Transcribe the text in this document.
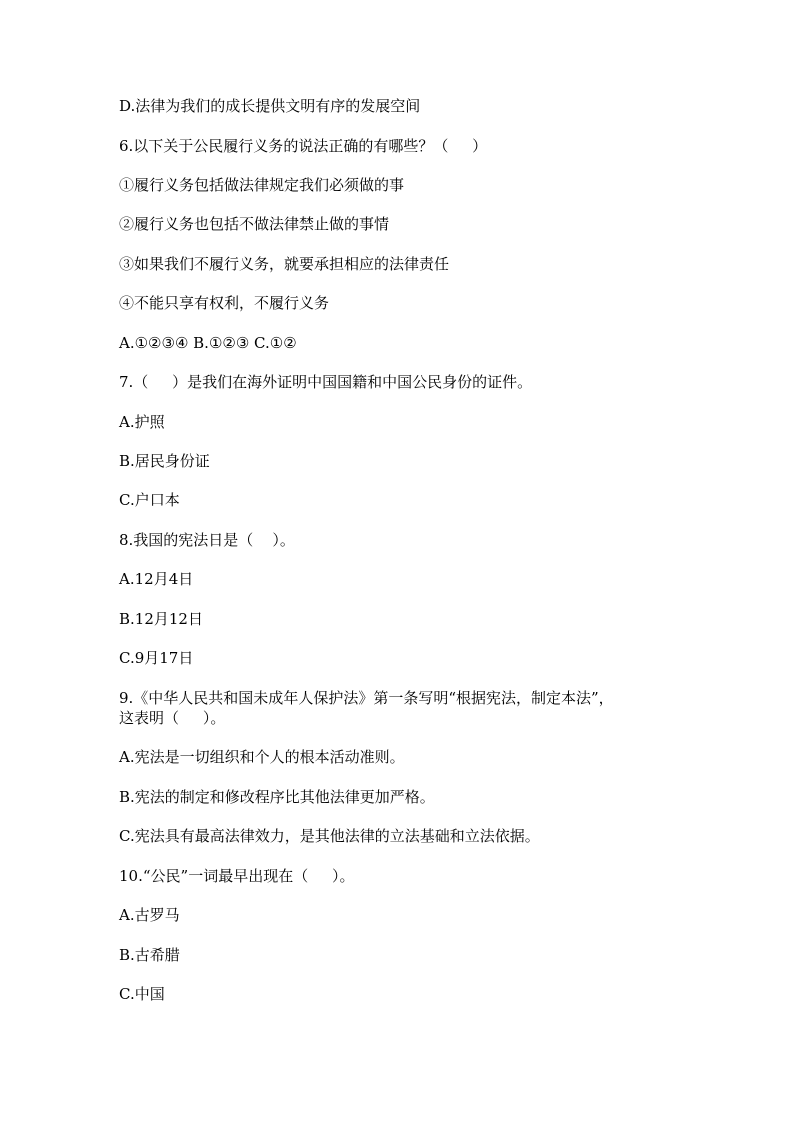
D.法律为我们的成长提供文明有序的发展空间

6.以下关于公民履行义务的说法正确的有哪些？（     ）

①履行义务包括做法律规定我们必须做的事

②履行义务也包括不做法律禁止做的事情

③如果我们不履行义务，就要承担相应的法律责任

④不能只享有权利，不履行义务

A.①②③④ B.①②③ C.①②

7.（     ）是我们在海外证明中国国籍和中国公民身份的证件。

A.护照

B.居民身份证

C.户口本

8.我国的宪法日是（    ）。

A.12月4日

B.12月12日

C.9月17日

9.《中华人民共和国未成年人保护法》第一条写明“根据宪法，制定本法”，

这表明（     ）。

A.宪法是一切组织和个人的根本活动准则。

B.宪法的制定和修改程序比其他法律更加严格。

C.宪法具有最高法律效力，是其他法律的立法基础和立法依据。

10.“公民”一词最早出现在（     ）。

A.古罗马

B.古希腊

C.中国
